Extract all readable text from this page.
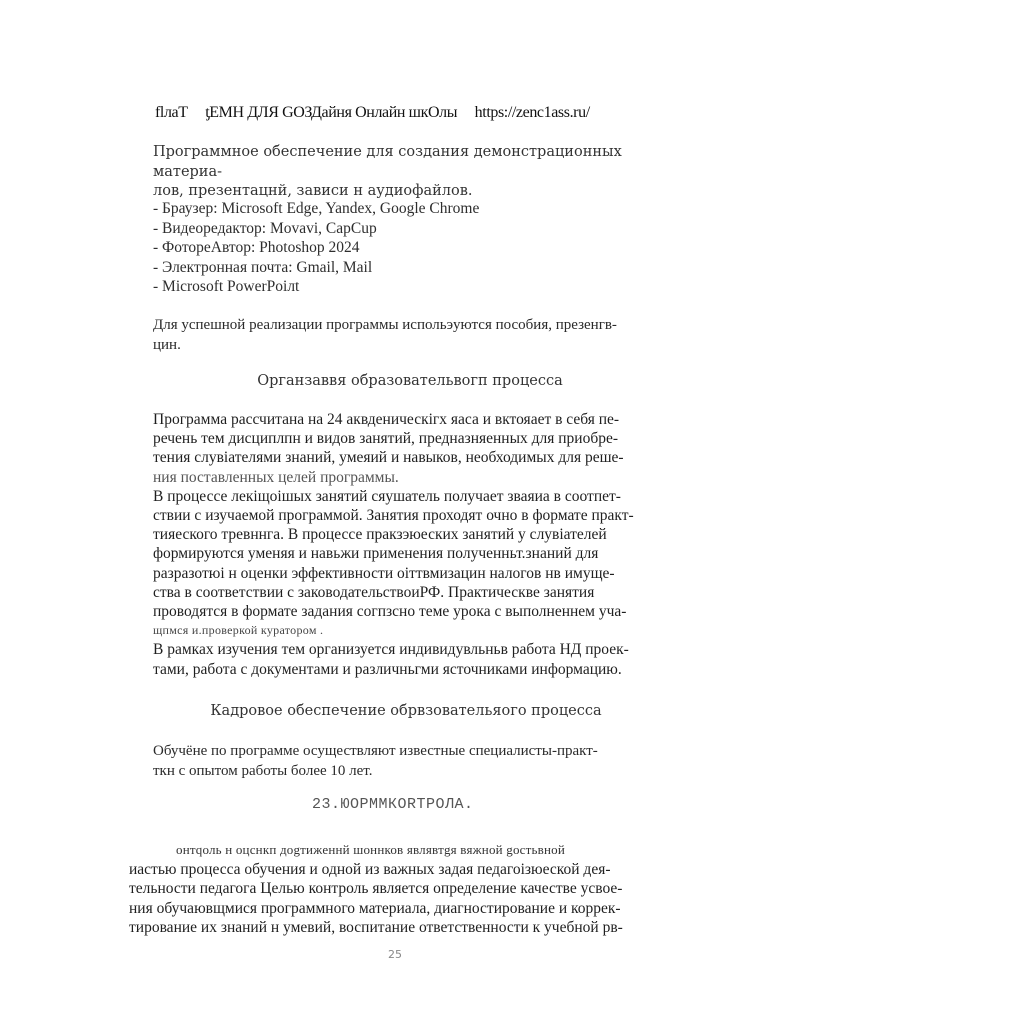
flлaT ƫЕМН ДЛЯ GOЗДайня Онлайн шкОлы https://zenc1ass.ru/

Программное обеспечение для создания демонстрационных материа-

лов, презентацнй, зависи н аудиофайлов.

- Браузер: Microsoft Edge, Yandex, Google Chrome
- Видеоредактор: Movavi, CapCup
- ФотореАвтор: Photoshop 2024
- Электронная почта: Gmail, Mail
- Microsoft PowerPoiлt

Для успешной реализации программы испольэуются пособия, презенгв-

цин.

Органзаввя образовательвогп процесса

Программа рассчитана на 24 аквденическігх яаса и вктояает в себя пе-

речень тем дисциплпн и видов занятий, предназняенных для приобре-

тения слувіателями знаний, умеяий и навыков, необходимых для реше-

ния поставленных целей программы.

В процессе лекіщоішых занятий сяушатель получает зваяиа в соотпет-

ствии с изучаемой программой. Занятия проходят очно в формате практ-

тияеского тревннга. В процессе пракзэюеских занятий у слувіателей

формируются уменяя и навьжи применения полученньт.знаний для

разразотюі н оценки эффективности оіттвмизацин налогов нв имуще-

ства в соответствии с заководательствоиРФ. Практическве занятия

проводятся в формате задания согпзсно теме урока с выполненнем уча-

щпмся и.проверкой куратором .

В рамках изучения тем организуется индивидувльньв работа НД проек-

тами, работа с документами и различньгми ясточниками информацию.

Кадровое обеспечение обрвзовательяого процесса

Обучёнe по программе осуществляют известные специалисты-практ-

ткн с опытом работы более 10 лет.

23.ЮОРММКОRТРОЛА.

онтqоль н оцснкп доgтижeннй шоннков являвтgя вяжной gоcтьвной

иастью процесса обучения и одной из важных задая педагоізюеской дея-

тельности педагога Целью контроль является определение качестве усвое-

ния обучаювщмися программного материала, диагностирование и коррек-

тирование их знаний н умевий, воспитание ответственности к учебной рв-

25
